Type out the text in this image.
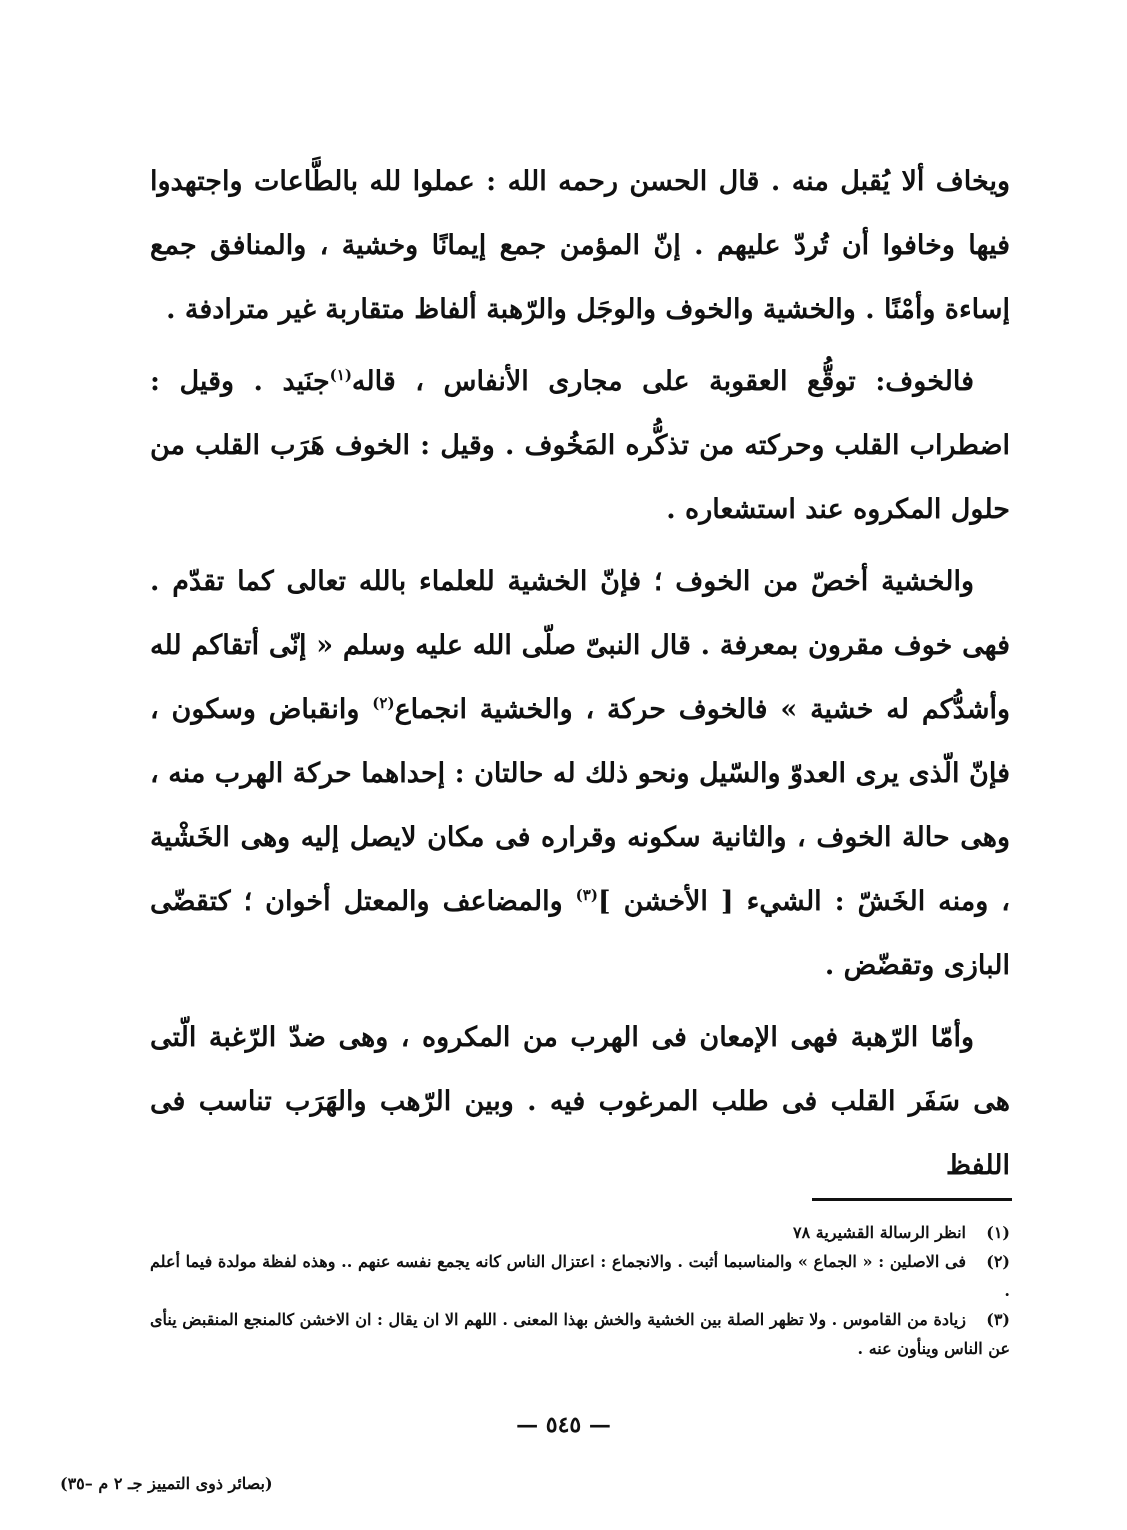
ويخاف ألا يُقبل منه . قال الحسن رحمه الله : عملوا لله بالطَّاعات واجتهدوا فيها وخافوا أن تُردّ عليهم . إنّ المؤمن جمع إيمانًا وخشية ، والمنافق جمع إساءة وأمْنًا . والخشية والخوف والوجَل والرّهبة ألفاظ متقاربة غير مترادفة .

فالخوف: توقُّع العقوبة على مجارى الأنفاس ، قاله$^{(١)}$جنَيد . وقيل : اضطراب القلب وحركته من تذكُّره المَخُوف . وقيل : الخوف هَرَب القلب من حلول المكروه عند استشعاره .

والخشية أخصّ من الخوف ؛ فإنّ الخشية للعلماء بالله تعالى كما تقدّم . فهى خوف مقرون بمعرفة . قال النبىّ صلّى الله عليه وسلم « إنّى أتقاكم لله وأشدُّكم له خشية » فالخوف حركة ، والخشية انجماع$^{(٢)}$ وانقباض وسكون ، فإنّ الّذى يرى العدوّ والسّيل ونحو ذلك له حالتان : إحداهما حركة الهرب منه ، وهى حالة الخوف ، والثانية سكونه وقراره فى مكان لايصل إليه وهى الخَشْية ، ومنه الخَشّ : الشيء [ الأخشن ]$^{(٣)}$ والمضاعف والمعتل أخوان ؛ كتقضّى البازى وتقضّض .

وأمّا الرّهبة فهى الإمعان فى الهرب من المكروه ، وهى ضدّ الرّغبة الّتى هى سَفَر القلب فى طلب المرغوب فيه . وبين الرّهب والهَرَب تناسب فى اللفظ

(١)انظر الرسالة القشيرية ٧٨

(٢)فى الاصلين : « الجماع » والمناسبما أثبت . والانجماع : اعتزال الناس كانه يجمع نفسه عنهم .. وهذه لفظة مولدة فيما أعلم .

(٣)زيادة من القاموس . ولا تظهر الصلة بين الخشية والخش بهذا المعنى . اللهم الا ان يقال : ان الاخشن كالمنجع المنقبض ينأى عن الناس وينأون عنه .

— ٥٤٥ —
(بصائر ذوى التمييز جـ ٢ م –٣٥)
